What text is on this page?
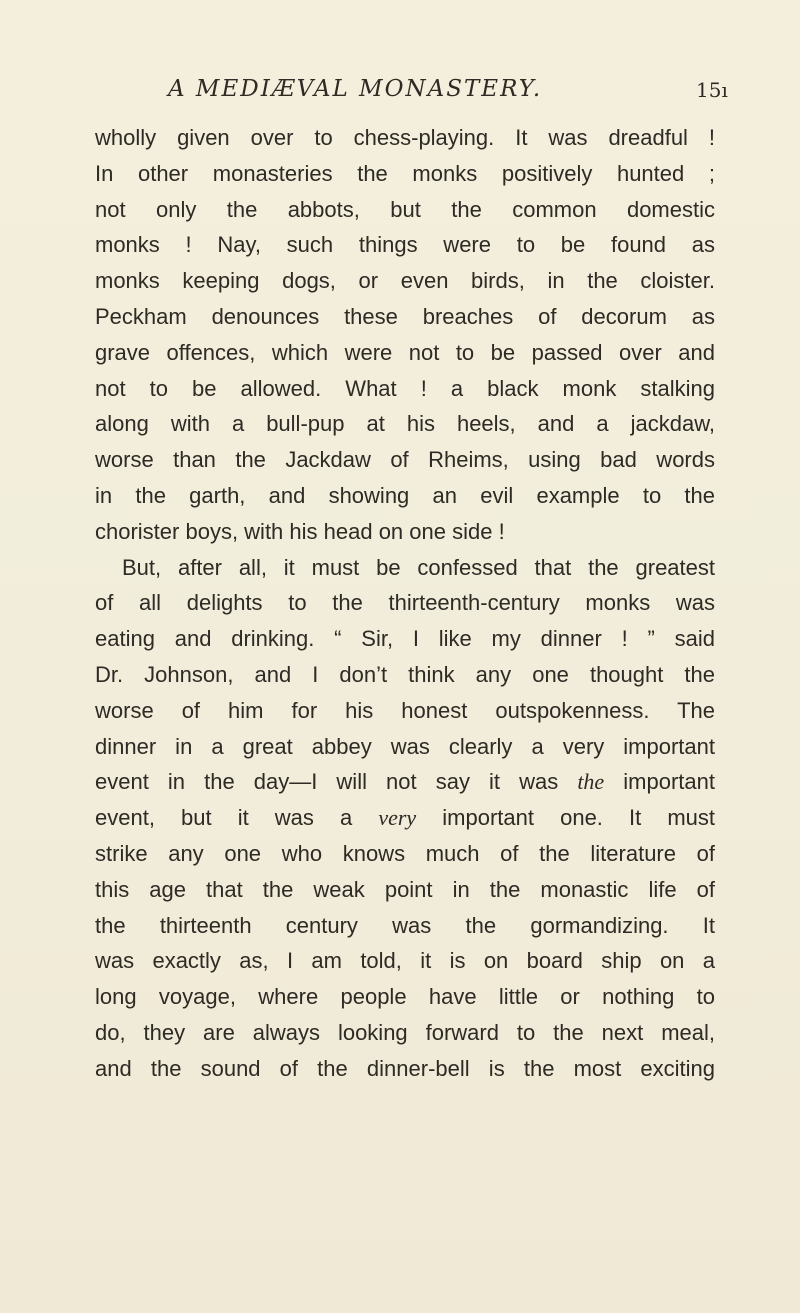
A MEDIÆVAL MONASTERY.	15ı
wholly given over to chess-playing. It was dreadful !
In other monasteries the monks positively hunted ;
not only the abbots, but the common domestic
monks ! Nay, such things were to be found as
monks keeping dogs, or even birds, in the cloister.
Peckham denounces these breaches of decorum as
grave offences, which were not to be passed over and
not to be allowed. What ! a black monk stalking
along with a bull-pup at his heels, and a jackdaw,
worse than the Jackdaw of Rheims, using bad words
in the garth, and showing an evil example to the
chorister boys, with his head on one side !
But, after all, it must be confessed that the greatest
of all delights to the thirteenth-century monks was
eating and drinking. “ Sir, I like my dinner ! ” said
Dr. Johnson, and I don’t think any one thought the
worse of him for his honest outspokenness. The
dinner in a great abbey was clearly a very important
event in the day—I will not say it was the important
event, but it was a very important one. It must
strike any one who knows much of the literature of
this age that the weak point in the monastic life of
the thirteenth century was the gormandizing. It
was exactly as, I am told, it is on board ship on a
long voyage, where people have little or nothing to
do, they are always looking forward to the next meal,
and the sound of the dinner-bell is the most exciting
